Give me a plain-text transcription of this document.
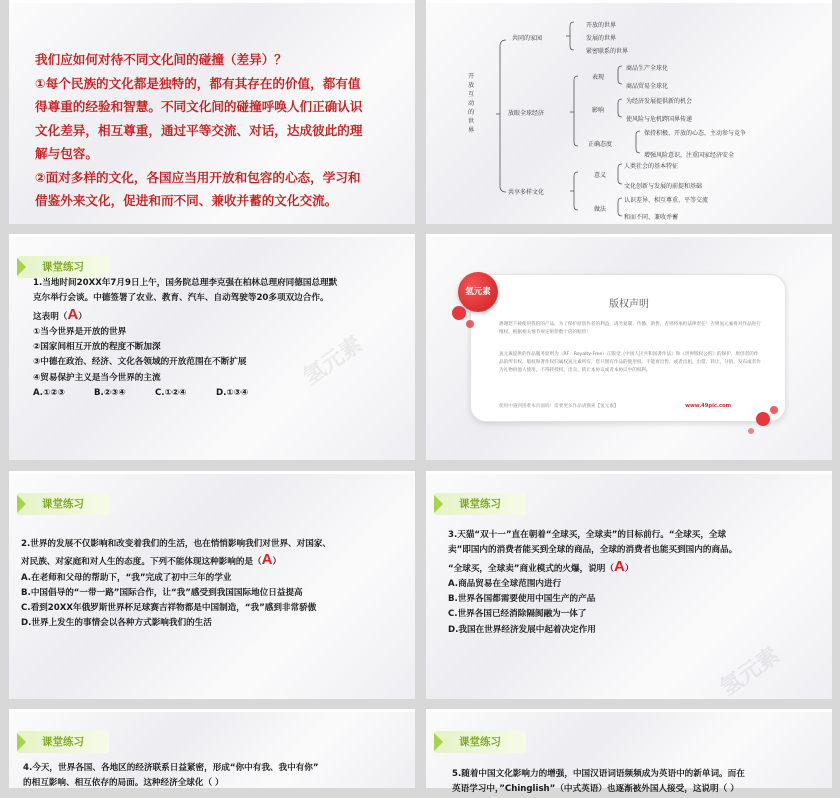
我们应如何对待不同文化间的碰撞（差异）？

①每个民族的文化都是独特的，都有其存在的价值，都有值

得尊重的经验和智慧。不同文化间的碰撞呼唤人们正确认识

文化差异，相互尊重，通过平等交流、对话，达成彼此的理

解与包容。

②面对多样的文化，各国应当用开放和包容的心态，学习和

借鉴外来文化，促进和而不同、兼收并蓄的文化交流。

开放互动的世界
共同的家园
开放的世界
发展的世界
紧密联系的世界
放眼全球经济
表现
商品生产全球化
商品贸易全球化
影响
为经济发展提供新的机会
使风险与危机跨国界传递
正确态度
保持积极、开放的心态，主动参与竞争
增强风险意识，注重国家经济安全
共享多样文化
意义
人类社会的基本特征
文化创新与发展的前提和基础
做法
认识差异、相互尊重、平等交流
和而不同、兼收并蓄
课堂练习

1.当地时间20XX年7月9日上午，国务院总理李克强在柏林总理府同德国总理默

克尔举行会谈。中德签署了农业、教育、汽车、自动驾驶等20多项双边合作。

这表明（A）

①当今世界是开放的世界

②国家间相互开放的程度不断加深

③中德在政治、经济、文化各领域的开放范围在不断扩展

④贸易保护主义是当今世界的主流

A.①②③	B.②③④	C.①②④	D.①③④

氢元素
版权声明
感谢您下载使用我们的产品，为了保护原创作者的利益，请勿复制、传播、销售，否则将承担法律责任！否则氢元素将对作品进行维权，根据相关情节规定赔偿数十倍的赔偿！
氢元素提供的作品服务原则为（RF：Royalty-Free）正版受《中国人民共和国著作法》和《世界版权公约》的保护，原创者的作品的所有权、版权和著作权归属权氢元素所有，您只拥有作品的使用权，不能再出售，或者出租、出借、转让、分销、发布或者作为礼物供他人使用，不得转授权、出卖、转让本协议或者本协议中的权利。
使用中遇到困难本页面吗！需要更多作品请搜索【氢元素】	www.49pic.com
氢元素
课堂练习

2.世界的发展不仅影响和改变着我们的生活，也在悄悄影响我们对世界、对国家、

对民族、对家庭和对人生的态度。下列不能体现这种影响的是（A）

A.在老师和父母的帮助下，“我”完成了初中三年的学业

B.中国倡导的“一带一路”国际合作，让“我”感受到我国国际地位日益提高

C.看到20XX年俄罗斯世界杯足球赛吉祥物都是中国制造，“我”感到非常骄傲

D.世界上发生的事情会以各种方式影响我们的生活

课堂练习

3.天猫“双十一”直在朝着“全球买，全球卖”的目标前行。“全球买，全球

卖”即国内的消费者能买到全球的商品，全球的消费者也能买到国内的商品。

“全球买，全球卖”商业模式的火爆，说明（A）

A.商品贸易在全球范围内进行

B.世界各国都需要使用中国生产的产品

C.世界各国已经消除隔阂融为一体了

D.我国在世界经济发展中起着决定作用

氢元素
课堂练习

4.今天，世界各国、各地区的经济联系日益紧密，形成“你中有我、我中有你”

的相互影响、相互依存的局面。这种经济全球化（ ）

课堂练习

5.随着中国文化影响力的增强，中国汉语词语频频成为英语中的新单词。而在

英语学习中，”Chinglish”（中式英语）也逐渐被外国人接受，这说明（ ）
